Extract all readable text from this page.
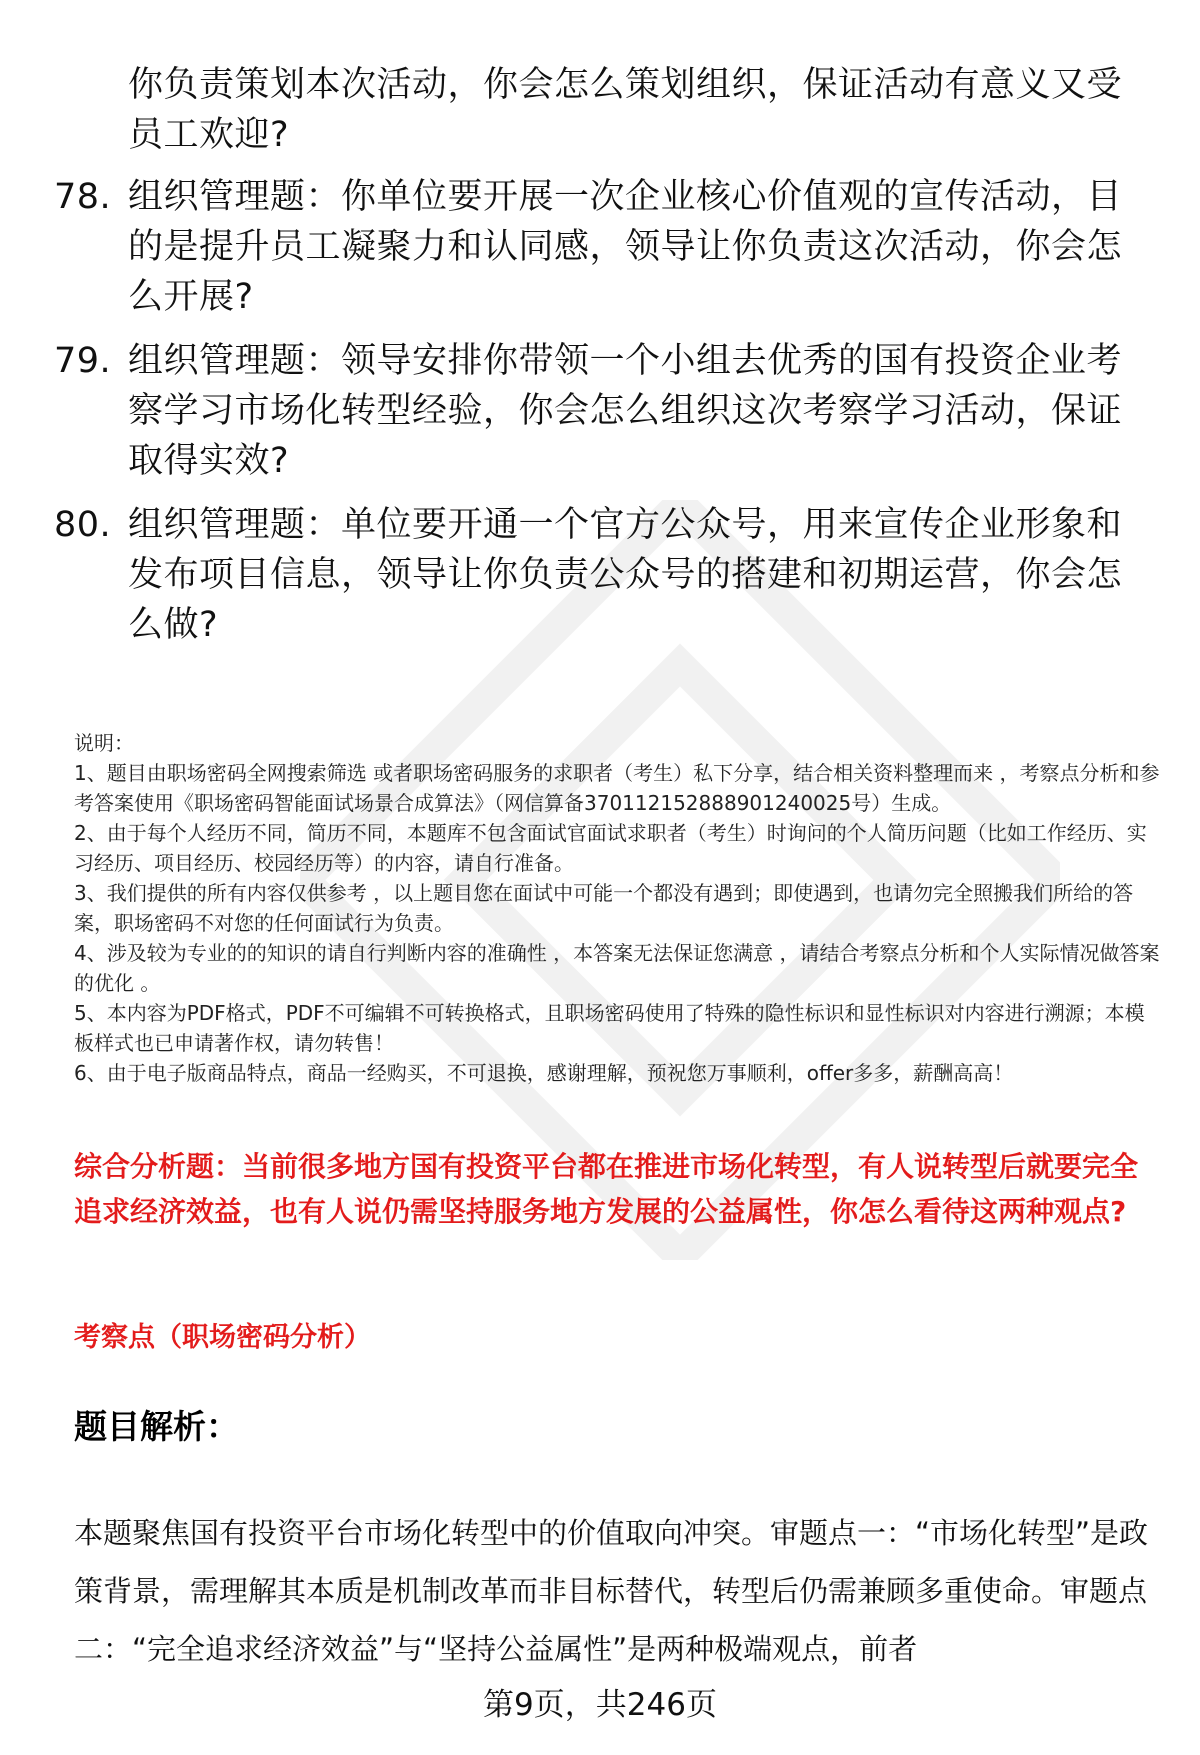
你负责策划本次活动，你会怎么策划组织，保证活动有意义又受员工欢迎?
78. 组织管理题：你单位要开展一次企业核心价值观的宣传活动，目的是提升员工凝聚力和认同感，领导让你负责这次活动，你会怎么开展?
79. 组织管理题：领导安排你带领一个小组去优秀的国有投资企业考察学习市场化转型经验，你会怎么组织这次考察学习活动，保证取得实效?
80. 组织管理题：单位要开通一个官方公众号，用来宣传企业形象和发布项目信息，领导让你负责公众号的搭建和初期运营，你会怎么做?
说明：
1、题目由职场密码全网搜索筛选 或者职场密码服务的求职者（考生）私下分享，结合相关资料整理而来 ，考察点分析和参考答案使用《职场密码智能面试场景合成算法》（网信算备370112152888901240025号）生成。
2、由于每个人经历不同，简历不同，本题库不包含面试官面试求职者（考生）时询问的个人简历问题（比如工作经历、实习经历、项目经历、校园经历等）的内容，请自行准备。
3、我们提供的所有内容仅供参考 ，以上题目您在面试中可能一个都没有遇到；即使遇到，也请勿完全照搬我们所给的答案，职场密码不对您的任何面试行为负责。
4、涉及较为专业的的知识的请自行判断内容的准确性 ，本答案无法保证您满意 ，请结合考察点分析和个人实际情况做答案的优化 。
5、本内容为PDF格式，PDF不可编辑不可转换格式，且职场密码使用了特殊的隐性标识和显性标识对内容进行溯源；本模板样式也已申请著作权，请勿转售！
6、由于电子版商品特点，商品一经购买，不可退换，感谢理解，预祝您万事顺利，offer多多，薪酬高高！
综合分析题：当前很多地方国有投资平台都在推进市场化转型，有人说转型后就要完全追求经济效益，也有人说仍需坚持服务地方发展的公益属性，你怎么看待这两种观点?
考察点（职场密码分析）
题目解析：
本题聚焦国有投资平台市场化转型中的价值取向冲突。审题点一：“市场化转型”是政策背景，需理解其本质是机制改革而非目标替代，转型后仍需兼顾多重使命。审题点二：“完全追求经济效益”与“坚持公益属性”是两种极端观点，前者
第9页，共246页
